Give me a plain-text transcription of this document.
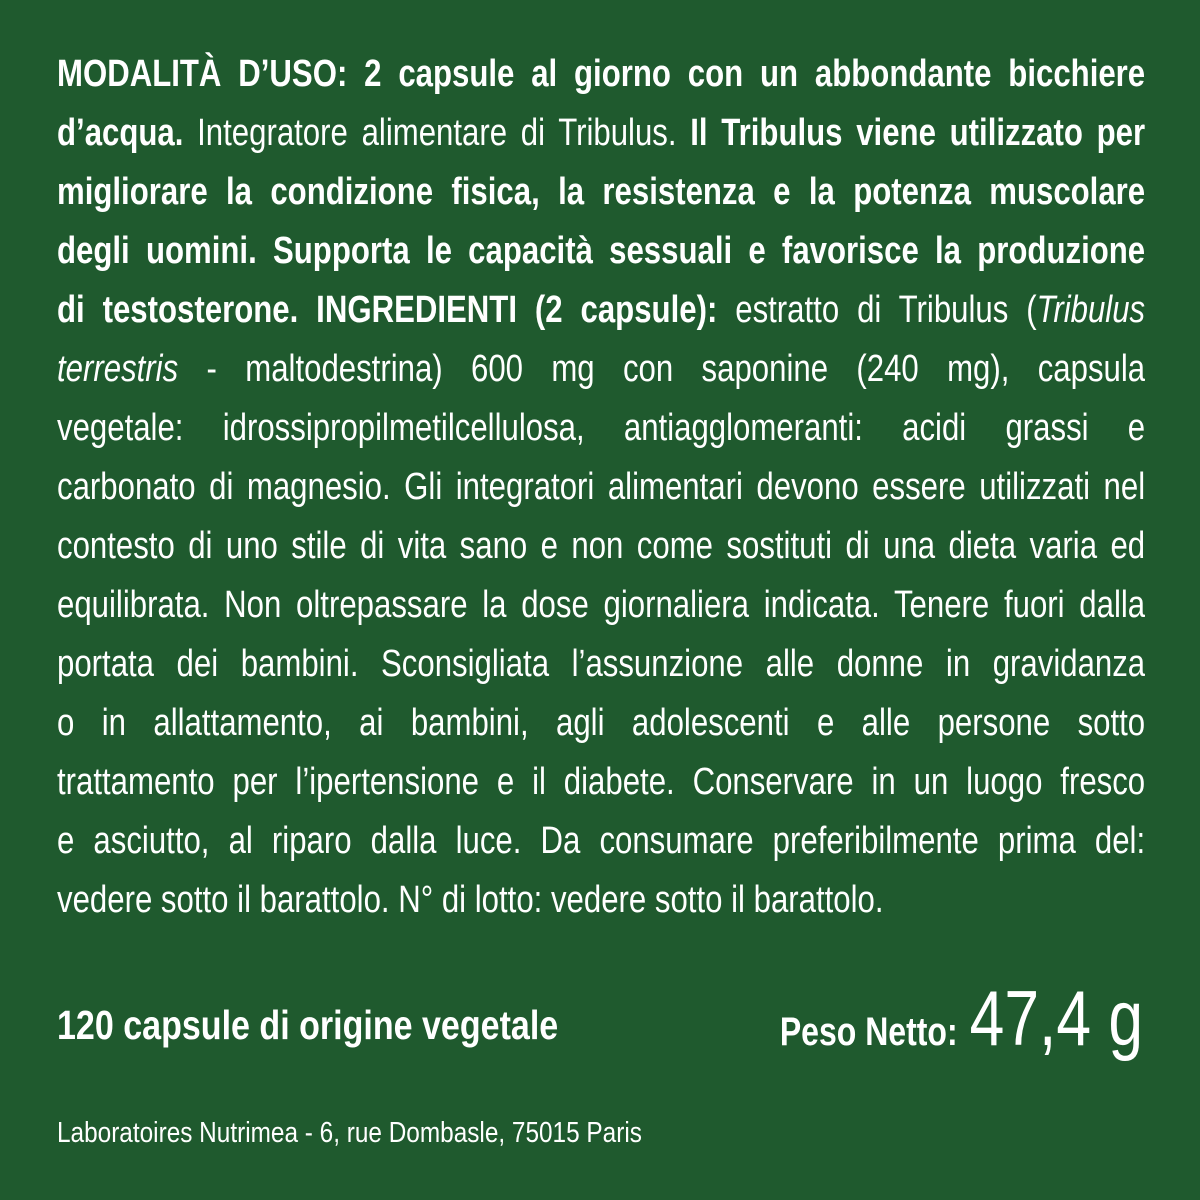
MODALITÀ D’USO: 2 capsule al giorno con un abbondante bicchiere
d’acqua. Integratore alimentare di Tribulus. Il Tribulus viene utilizzato per
migliorare la condizione fisica, la resistenza e la potenza muscolare
degli uomini. Supporta le capacità sessuali e favorisce la produzione
di testosterone. INGREDIENTI (2 capsule): estratto di Tribulus (Tribulus
terrestris - maltodestrina) 600 mg con saponine (240 mg), capsula
vegetale: idrossipropilmetilcellulosa, antiagglomeranti: acidi grassi e
carbonato di magnesio. Gli integratori alimentari devono essere utilizzati nel
contesto di uno stile di vita sano e non come sostituti di una dieta varia ed
equilibrata. Non oltrepassare la dose giornaliera indicata. Tenere fuori dalla
portata dei bambini. Sconsigliata l’assunzione alle donne in gravidanza
o in allattamento, ai bambini, agli adolescenti e alle persone sotto
trattamento per l’ipertensione e il diabete. Conservare in un luogo fresco
e asciutto, al riparo dalla luce. Da consumare preferibilmente prima del:
vedere sotto il barattolo. N° di lotto: vedere sotto il barattolo.
120 capsule di origine vegetale	Peso Netto: 47,4 g
Laboratoires Nutrimea - 6, rue Dombasle, 75015 Paris
